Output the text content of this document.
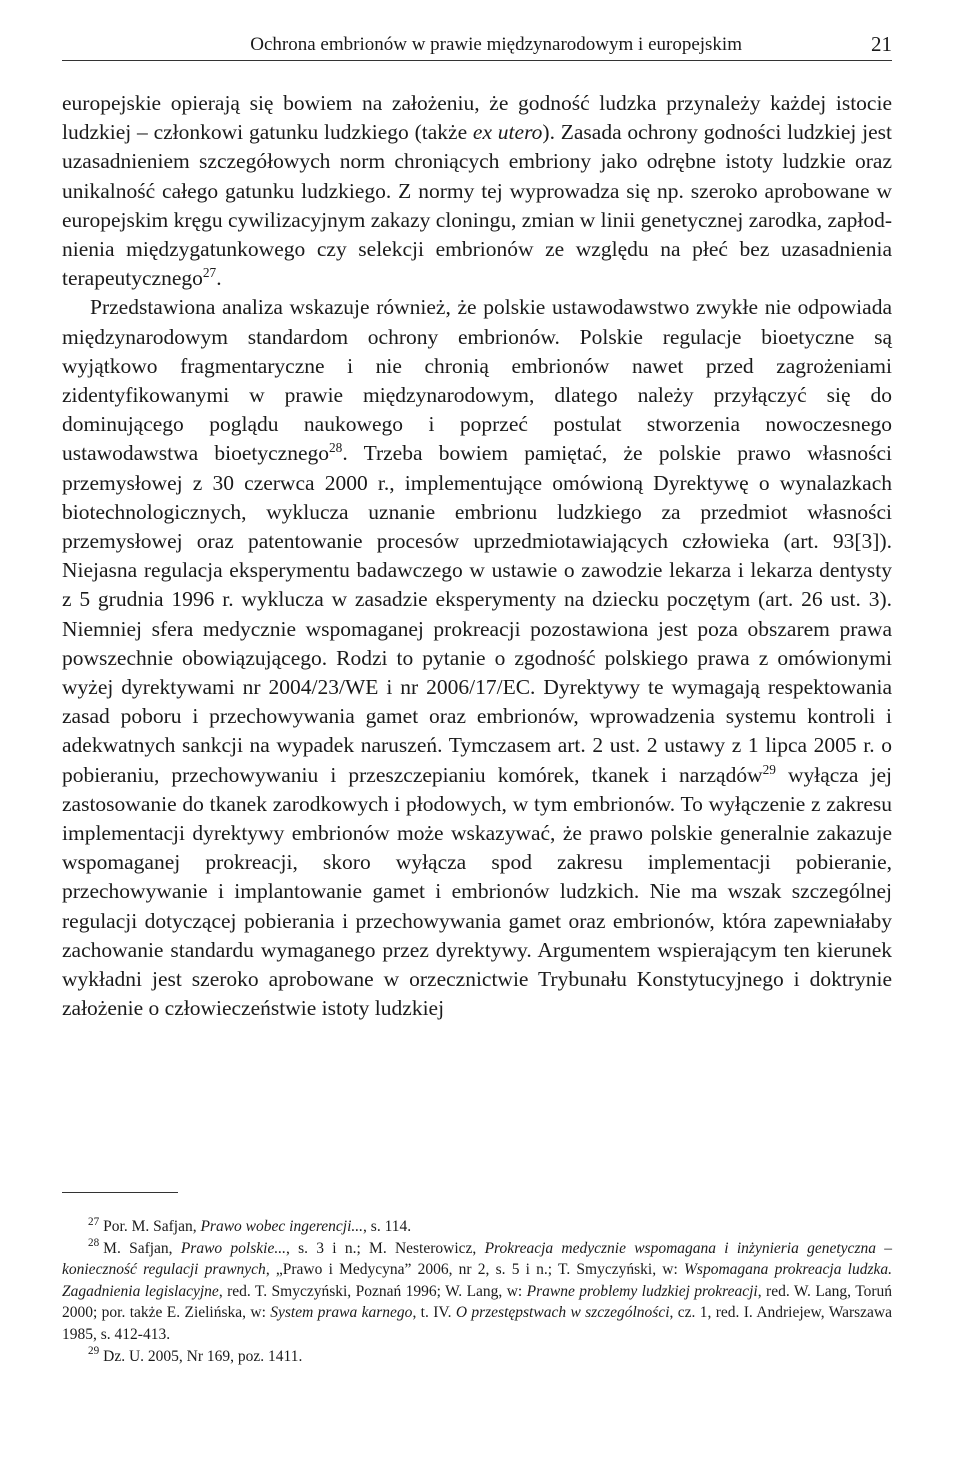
Ochrona embrionów w prawie międzynarodowym i europejskim	21

europejskie opierają się bowiem na założeniu, że godność ludzka przynależy każdej istocie ludzkiej – członkowi gatunku ludzkiego (także ex utero). Zasada ochrony godności ludzkiej jest uzasadnieniem szczegółowych norm chroniących embriony jako odrębne istoty ludzkie oraz unikalność całego gatunku ludzkiego. Z normy tej wyprowadza się np. szeroko aprobowane w europejskim kręgu cywilizacyjnym zakazy cloningu, zmian w linii genetycznej zarodka, zapłodnienia międzygatunkowego czy selekcji embrionów ze względu na płeć bez uzasadnienia terapeutycznego$^{27}$.

Przedstawiona analiza wskazuje również, że polskie ustawodawstwo zwykłe nie odpowiada międzynarodowym standardom ochrony embrionów. Polskie regulacje bioetyczne są wyjątkowo fragmentaryczne i nie chronią embrionów nawet przed zagrożeniami zidentyfikowanymi w prawie międzynarodowym, dlatego należy przyłączyć się do dominującego poglądu naukowego i poprzeć postulat stworzenia nowoczesnego ustawodawstwa bioetycznego$^{28}$. Trzeba bowiem pamiętać, że polskie prawo własności przemysłowej z 30 czerwca 2000 r., implementujące omówioną Dyrektywę o wynalazkach biotechnologicznych, wyklucza uznanie embrionu ludzkiego za przedmiot własności przemysłowej oraz patentowanie procesów uprzedmiotawiających człowieka (art. 93[3]). Niejasna regulacja eksperymentu badawczego w ustawie o zawodzie lekarza i lekarza dentysty z 5 grudnia 1996 r. wyklucza w zasadzie eksperymenty na dziecku poczętym (art. 26 ust. 3). Niemniej sfera medycznie wspomaganej prokreacji pozostawiona jest poza obszarem prawa powszechnie obowiązującego. Rodzi to pytanie o zgodność polskiego prawa z omówionymi wyżej dyrektywami nr 2004/23/WE i nr 2006/17/EC. Dyrektywy te wymagają respektowania zasad poboru i przechowywania gamet oraz embrionów, wprowadzenia systemu kontroli i adekwatnych sankcji na wypadek naruszeń. Tymczasem art. 2 ust. 2 ustawy z 1 lipca 2005 r. o pobieraniu, przechowywaniu i przeszczepianiu komórek, tkanek i narządów$^{29}$ wyłącza jej zastosowanie do tkanek zarodkowych i płodowych, w tym embrionów. To wyłączenie z zakresu implementacji dyrektywy embrionów może wskazywać, że prawo polskie generalnie zakazuje wspomaganej prokreacji, skoro wyłącza spod zakresu implementacji pobieranie, przechowywanie i implantowanie gamet i embrionów ludzkich. Nie ma wszak szczególnej regulacji dotyczącej pobierania i przechowywania gamet oraz embrionów, która zapewniałaby zachowanie standardu wymaganego przez dyrektywy. Argumentem wspierającym ten kierunek wykładni jest szeroko aprobowane w orzecznictwie Trybunału Konstytucyjnego i doktrynie założenie o człowieczeństwie istoty ludzkiej

$^{27}$ Por. M. Safjan, Prawo wobec ingerencji..., s. 114.

$^{28}$ M. Safjan, Prawo polskie..., s. 3 i n.; M. Nesterowicz, Prokreacja medycznie wspomagana i inżynieria genetyczna – konieczność regulacji prawnych, „Prawo i Medycyna” 2006, nr 2, s. 5 i n.; T. Smyczyński, w: Wspomagana prokreacja ludzka. Zagadnienia legislacyjne, red. T. Smyczyński, Poznań 1996; W. Lang, w: Prawne problemy ludzkiej prokreacji, red. W. Lang, Toruń 2000; por. także E. Zielińska, w: System prawa karnego, t. IV. O przestępstwach w szczególności, cz. 1, red. I. Andriejew, Warszawa 1985, s. 412-413.

$^{29}$ Dz. U. 2005, Nr 169, poz. 1411.
